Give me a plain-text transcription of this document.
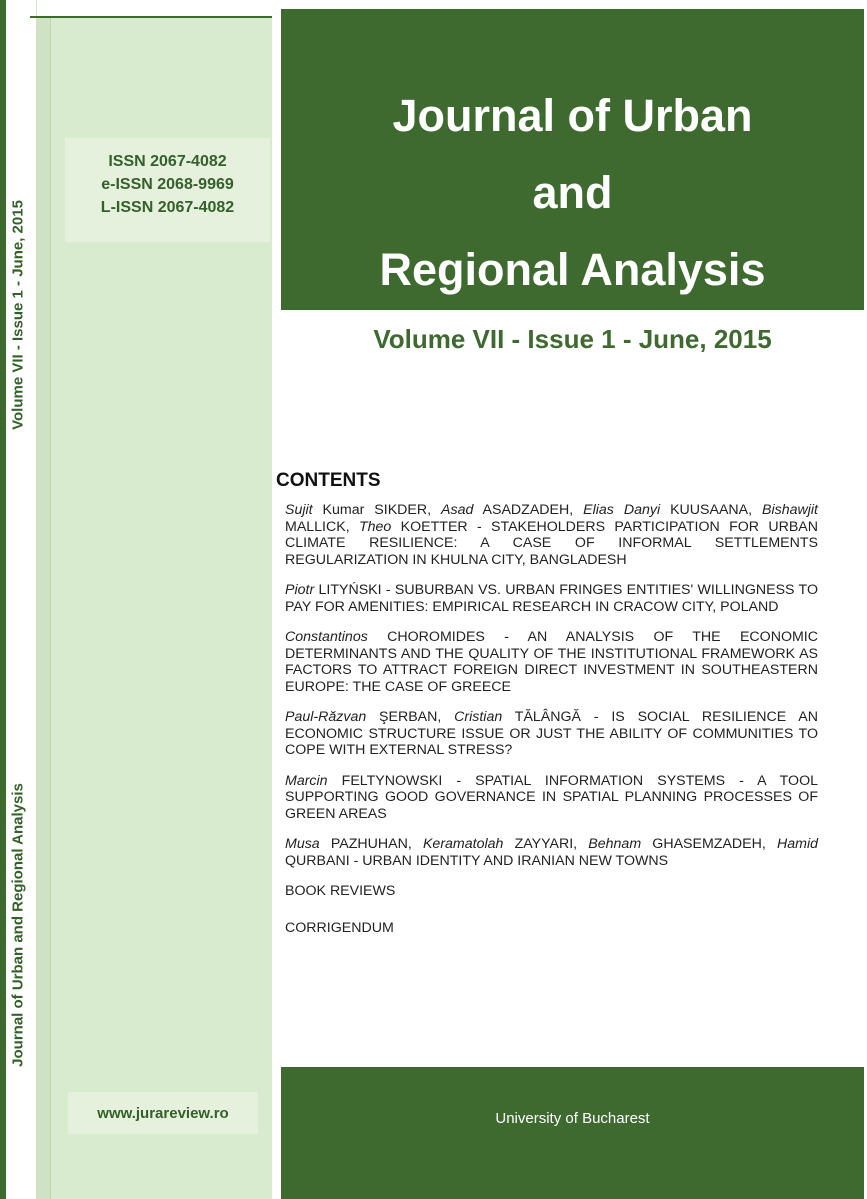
Volume VII - Issue 1 - June, 2015
Journal of Urban and Regional Analysis
ISSN 2067-4082
e-ISSN 2068-9969
L-ISSN 2067-4082
www.jurareview.ro
Journal of Urban
and
Regional Analysis
Volume VII - Issue 1 - June, 2015
CONTENTS
Sujit Kumar SIKDER, Asad ASADZADEH, Elias Danyi KUUSAANA, Bishawjit MALLICK, Theo KOETTER - STAKEHOLDERS PARTICIPATION FOR URBAN CLIMATE RESILIENCE: A CASE OF INFORMAL SETTLEMENTS REGULARIZATION IN KHULNA CITY, BANGLADESH
Piotr LITYŃSKI - SUBURBAN VS. URBAN FRINGES ENTITIES' WILLINGNESS TO PAY FOR AMENITIES: EMPIRICAL RESEARCH IN CRACOW CITY, POLAND
Constantinos CHOROMIDES - AN ANALYSIS OF THE ECONOMIC DETERMINANTS AND THE QUALITY OF THE INSTITUTIONAL FRAMEWORK AS FACTORS TO ATTRACT FOREIGN DIRECT INVESTMENT IN SOUTHEASTERN EUROPE: THE CASE OF GREECE
Paul-Răzvan ŞERBAN, Cristian TĂLÂNGĂ - IS SOCIAL RESILIENCE AN ECONOMIC STRUCTURE ISSUE OR JUST THE ABILITY OF COMMUNITIES TO COPE WITH EXTERNAL STRESS?
Marcin FELTYNOWSKI - SPATIAL INFORMATION SYSTEMS - A TOOL SUPPORTING GOOD GOVERNANCE IN SPATIAL PLANNING PROCESSES OF GREEN AREAS
Musa PAZHUHAN, Keramatolah ZAYYARI, Behnam GHASEMZADEH, Hamid QURBANI - URBAN IDENTITY AND IRANIAN NEW TOWNS
BOOK REVIEWS
CORRIGENDUM
University of Bucharest
